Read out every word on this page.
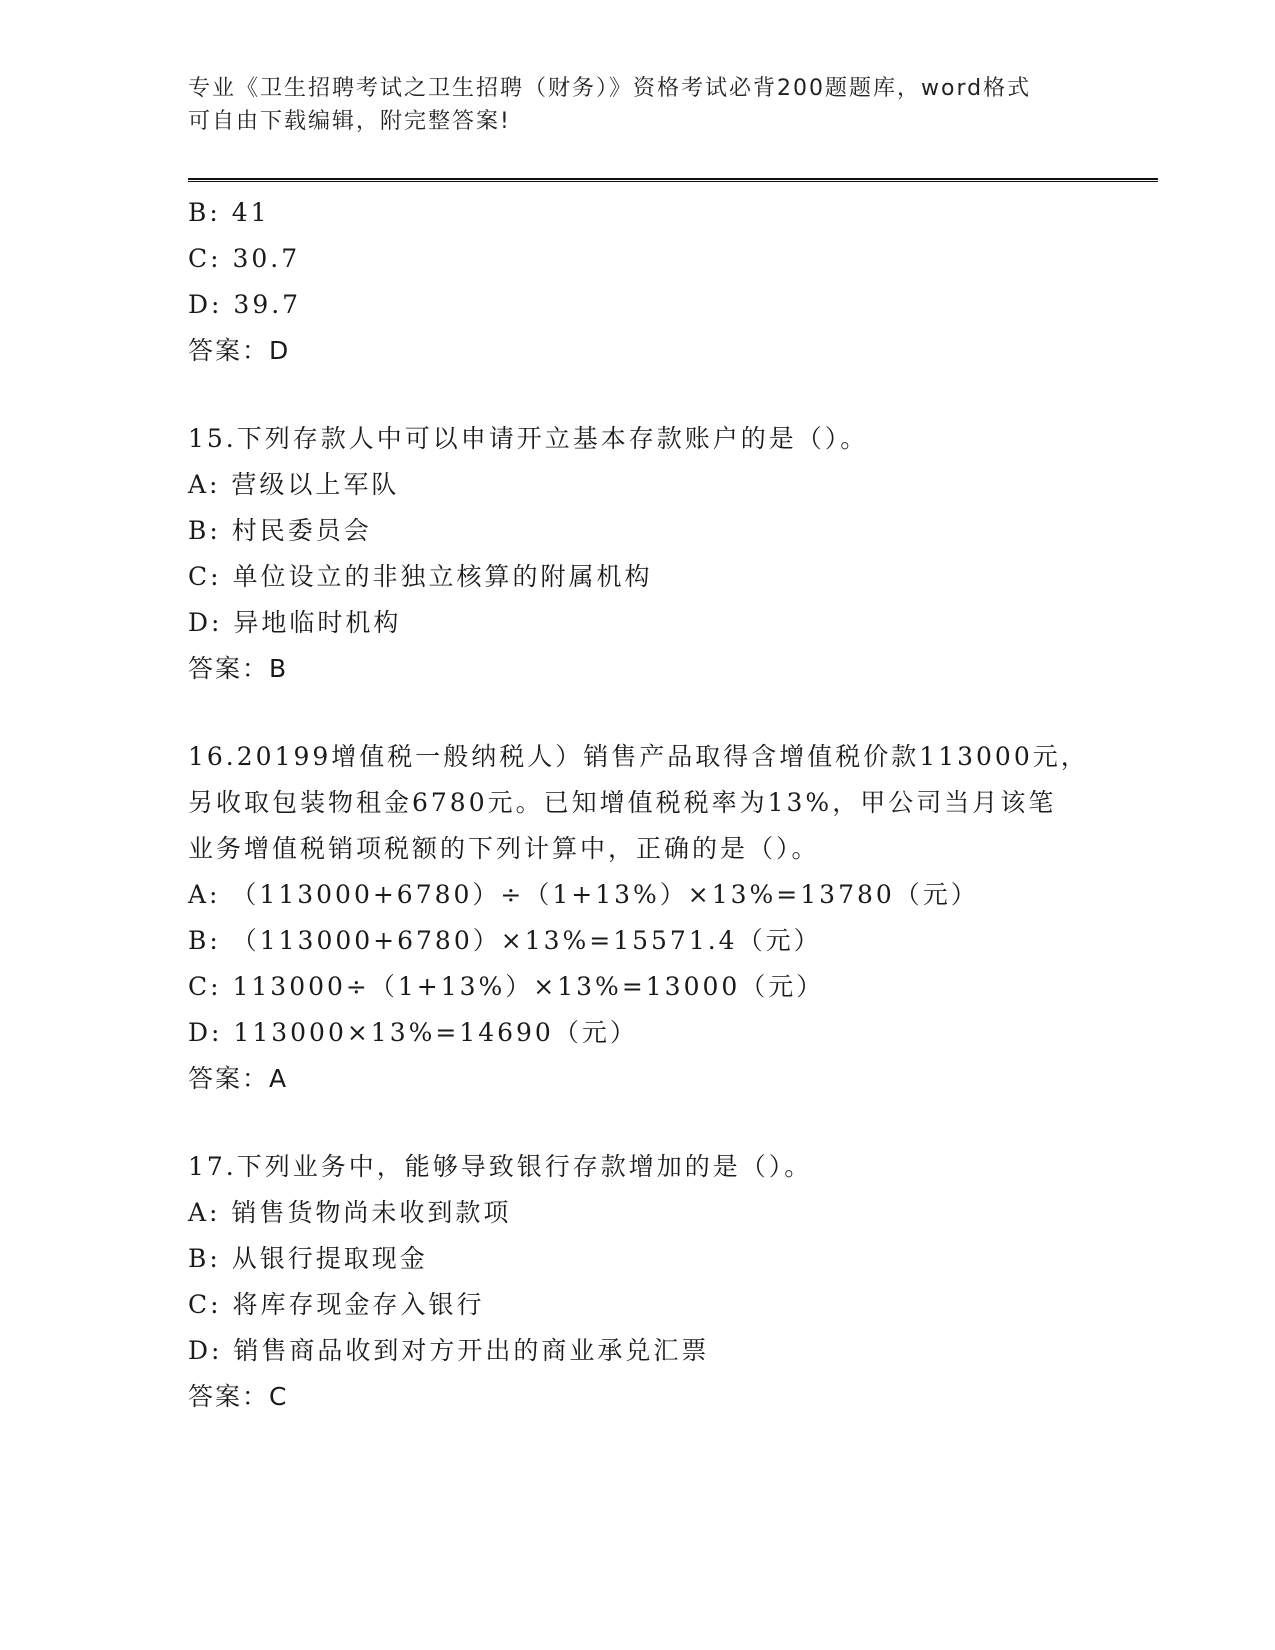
专业《卫生招聘考试之卫生招聘（财务）》资格考试必背200题题库，word格式
可自由下载编辑，附完整答案!
B: 41
C: 30.7
D: 39.7
答案：D
15.下列存款人中可以申请开立基本存款账户的是（）。
A: 营级以上军队
B: 村民委员会
C: 单位设立的非独立核算的附属机构
D: 异地临时机构
答案：B
16.20199增值税一般纳税人）销售产品取得含增值税价款113000元，
另收取包装物租金6780元。已知增值税税率为13%，甲公司当月该笔
业务增值税销项税额的下列计算中，正确的是（）。
A: （113000+6780）÷（1+13%）×13%=13780（元）
B: （113000+6780）×13%=15571.4（元）
C: 113000÷（1+13%）×13%=13000（元）
D: 113000×13%=14690（元）
答案：A
17.下列业务中，能够导致银行存款增加的是（）。
A: 销售货物尚未收到款项
B: 从银行提取现金
C: 将库存现金存入银行
D: 销售商品收到对方开出的商业承兑汇票
答案：C
